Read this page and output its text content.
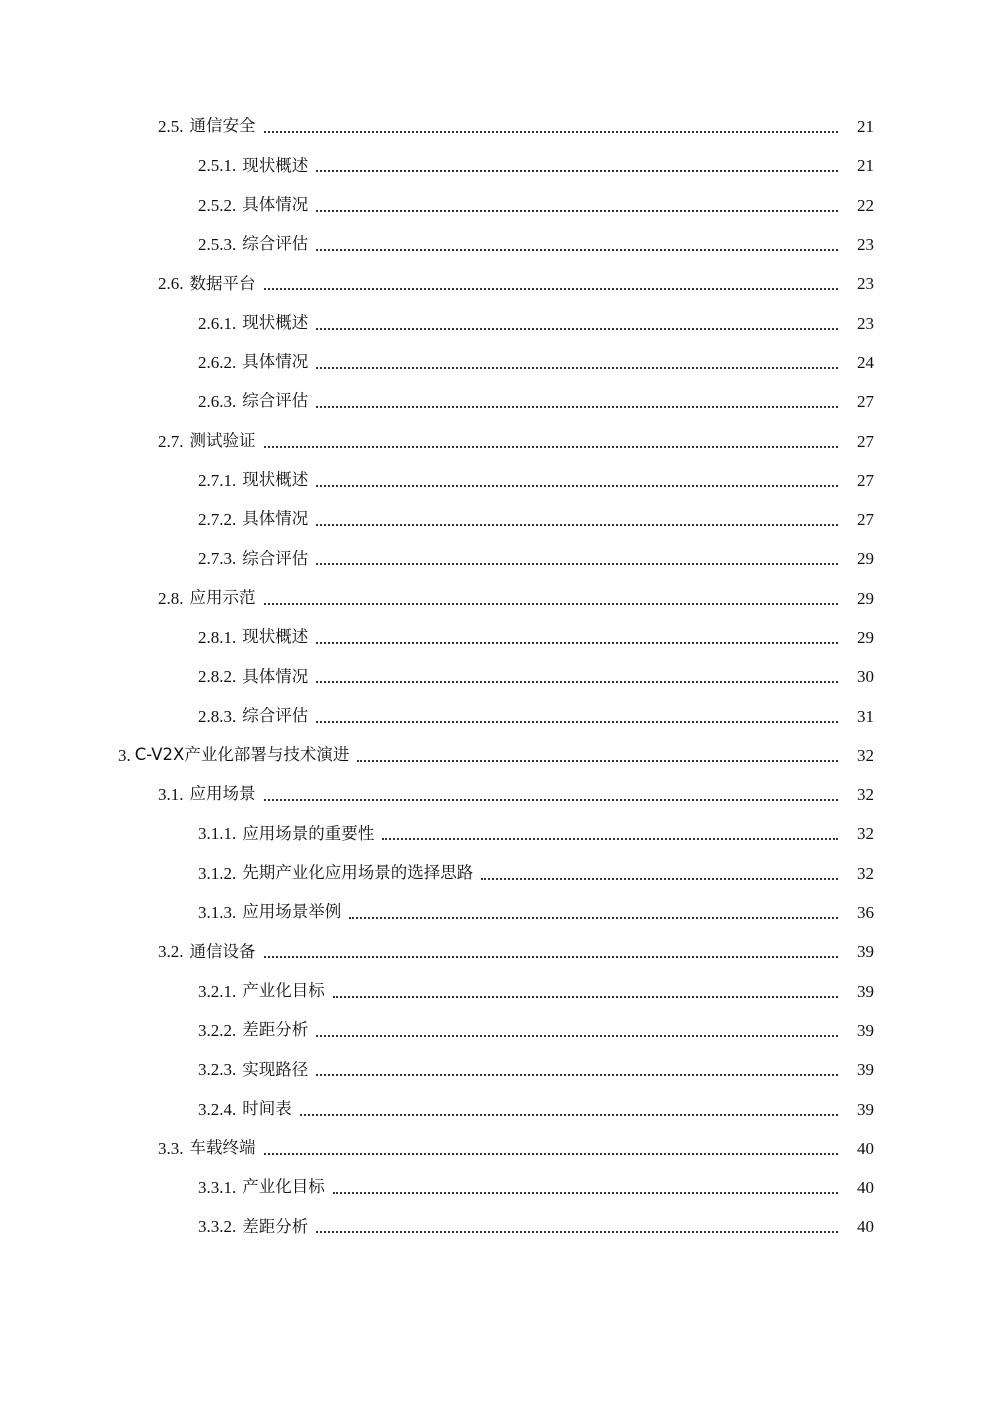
2.5. 通信安全	21
2.5.1. 现状概述	21
2.5.2. 具体情况	22
2.5.3. 综合评估	23
2.6. 数据平台	23
2.6.1. 现状概述	23
2.6.2. 具体情况	24
2.6.3. 综合评估	27
2.7. 测试验证	27
2.7.1. 现状概述	27
2.7.2. 具体情况	27
2.7.3. 综合评估	29
2.8. 应用示范	29
2.8.1. 现状概述	29
2.8.2. 具体情况	30
2.8.3. 综合评估	31
3. C-V2X产业化部署与技术演进	32
3.1. 应用场景	32
3.1.1. 应用场景的重要性	32
3.1.2. 先期产业化应用场景的选择思路	32
3.1.3. 应用场景举例	36
3.2. 通信设备	39
3.2.1. 产业化目标	39
3.2.2. 差距分析	39
3.2.3. 实现路径	39
3.2.4. 时间表	39
3.3. 车载终端	40
3.3.1. 产业化目标	40
3.3.2. 差距分析	40
